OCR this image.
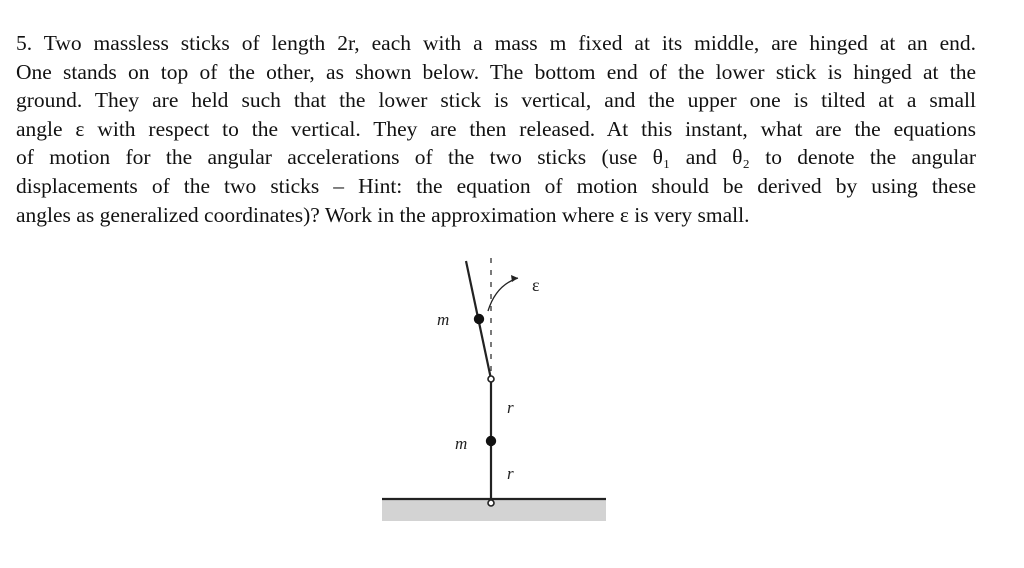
5. Two massless sticks of length 2r, each with a mass m fixed at its middle, are hinged at an end.
One stands on top of the other, as shown below. The bottom end of the lower stick is hinged at the
ground. They are held such that the lower stick is vertical, and the upper one is tilted at a small
angle ε with respect to the vertical. They are then released. At this instant, what are the equations
of motion for the angular accelerations of the two sticks (use θ₁ and θ₂ to denote the angular
displacements of the two sticks – Hint: the equation of motion should be derived by using these
angles as generalized coordinates)? Work in the approximation where ε is very small.
ε
m
r
m
r
